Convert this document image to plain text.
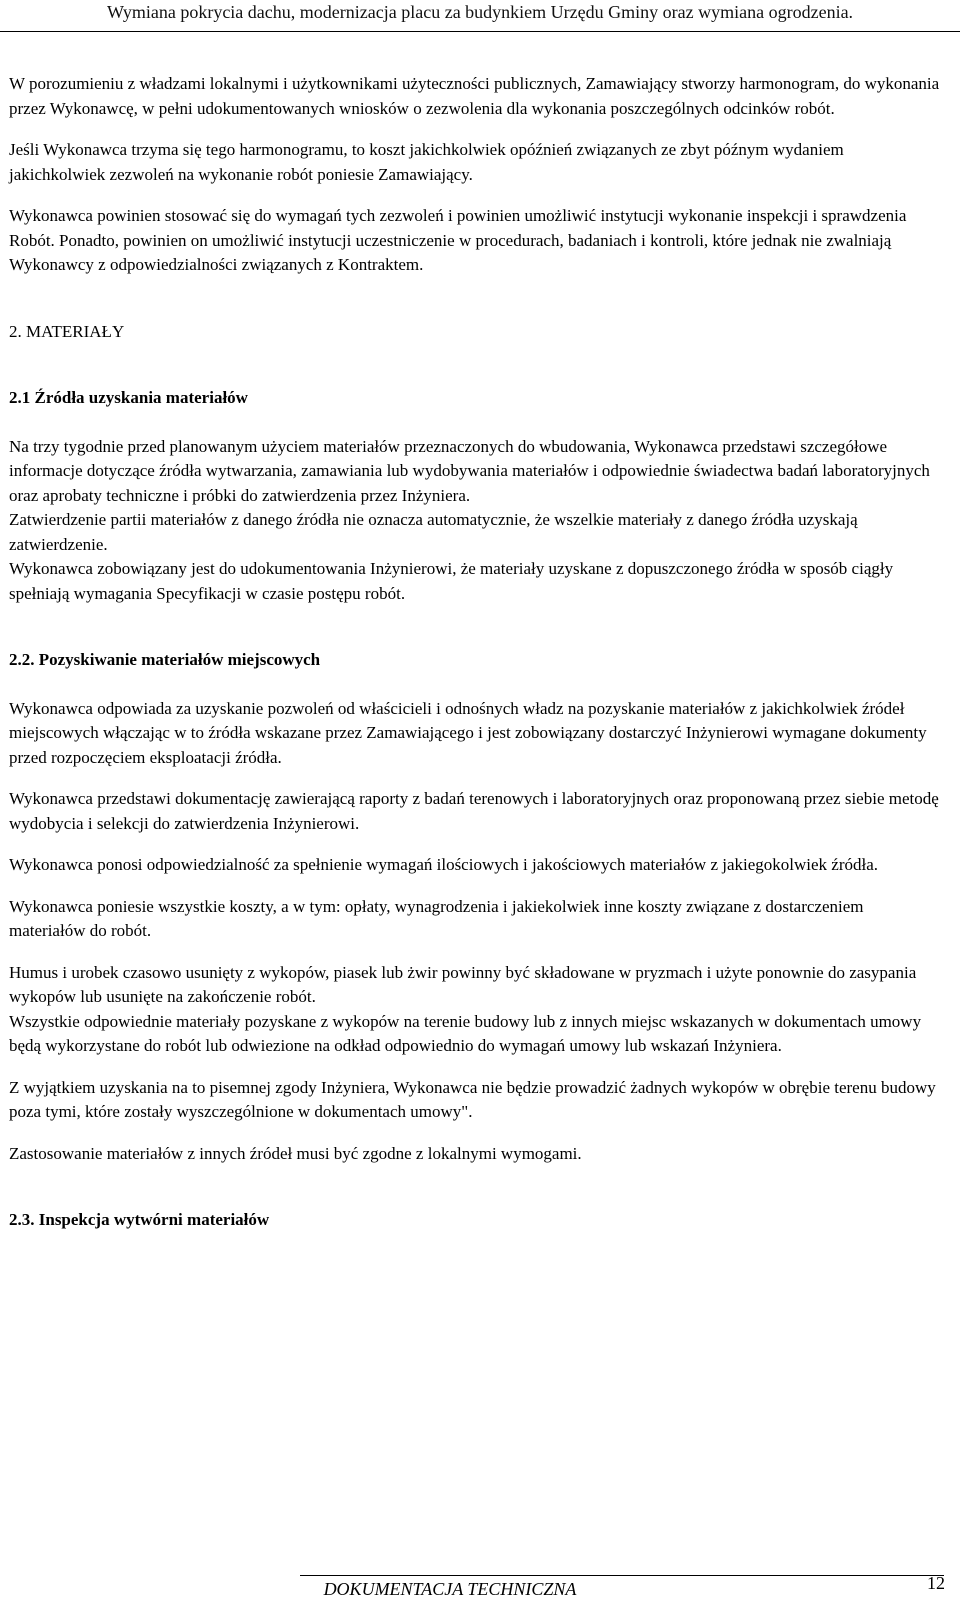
Wymiana pokrycia dachu, modernizacja placu za budynkiem Urzędu Gminy oraz wymiana ogrodzenia.

W porozumieniu z władzami lokalnymi i użytkownikami użyteczności publicznych, Zamawiający stworzy harmonogram, do wykonania przez Wykonawcę, w pełni udokumentowanych wniosków o zezwolenia dla wykonania poszczególnych odcinków robót.

Jeśli Wykonawca trzyma się tego harmonogramu, to koszt jakichkolwiek opóźnień związanych ze zbyt późnym wydaniem jakichkolwiek zezwoleń na wykonanie robót poniesie Zamawiający.

Wykonawca powinien stosować się do wymagań tych zezwoleń i powinien umożliwić instytucji wykonanie inspekcji i sprawdzenia Robót. Ponadto, powinien on umożliwić instytucji uczestniczenie w procedurach, badaniach i kontroli, które jednak nie zwalniają Wykonawcy z odpowiedzialności związanych z Kontraktem.

2. MATERIAŁY

2.1 Źródła uzyskania materiałów

Na trzy tygodnie przed planowanym użyciem materiałów przeznaczonych do wbudowania, Wykonawca przedstawi szczegółowe informacje dotyczące źródła wytwarzania, zamawiania lub wydobywania materiałów i odpowiednie świadectwa badań laboratoryjnych oraz aprobaty techniczne i próbki do zatwierdzenia przez Inżyniera.

Zatwierdzenie partii materiałów z danego źródła nie oznacza automatycznie, że wszelkie materiały z danego źródła uzyskają zatwierdzenie.

Wykonawca zobowiązany jest do udokumentowania Inżynierowi, że materiały uzyskane z dopuszczonego źródła w sposób ciągły spełniają wymagania Specyfikacji w czasie postępu robót.

2.2. Pozyskiwanie materiałów miejscowych

Wykonawca odpowiada za uzyskanie pozwoleń od właścicieli i odnośnych władz na pozyskanie materiałów z jakichkolwiek źródeł miejscowych włączając w to źródła wskazane przez Zamawiającego i jest zobowiązany dostarczyć Inżynierowi wymagane dokumenty przed rozpoczęciem eksploatacji źródła.

Wykonawca przedstawi dokumentację zawierającą raporty z badań terenowych i laboratoryjnych oraz proponowaną przez siebie metodę wydobycia i selekcji do zatwierdzenia Inżynierowi.

Wykonawca ponosi odpowiedzialność za spełnienie wymagań ilościowych i jakościowych materiałów z jakiegokolwiek źródła.

Wykonawca poniesie wszystkie koszty, a w tym: opłaty, wynagrodzenia i jakiekolwiek inne koszty związane z dostarczeniem materiałów do robót.

Humus i urobek czasowo usunięty z wykopów, piasek lub żwir powinny być składowane w pryzmach i użyte ponownie do zasypania wykopów lub usunięte na zakończenie robót.

Wszystkie odpowiednie materiały pozyskane z wykopów na terenie budowy lub z innych miejsc wskazanych w dokumentach umowy będą wykorzystane do robót lub odwiezione na odkład odpowiednio do wymagań umowy lub wskazań Inżyniera.

Z wyjątkiem uzyskania na to pisemnej zgody Inżyniera, Wykonawca nie będzie prowadzić żadnych wykopów w obrębie terenu budowy poza tymi, które zostały wyszczególnione w dokumentach umowy".

Zastosowanie materiałów z innych źródeł musi być zgodne z lokalnymi wymogami.

2.3. Inspekcja wytwórni materiałów

DOKUMENTACJA TECHNICZNA	12
